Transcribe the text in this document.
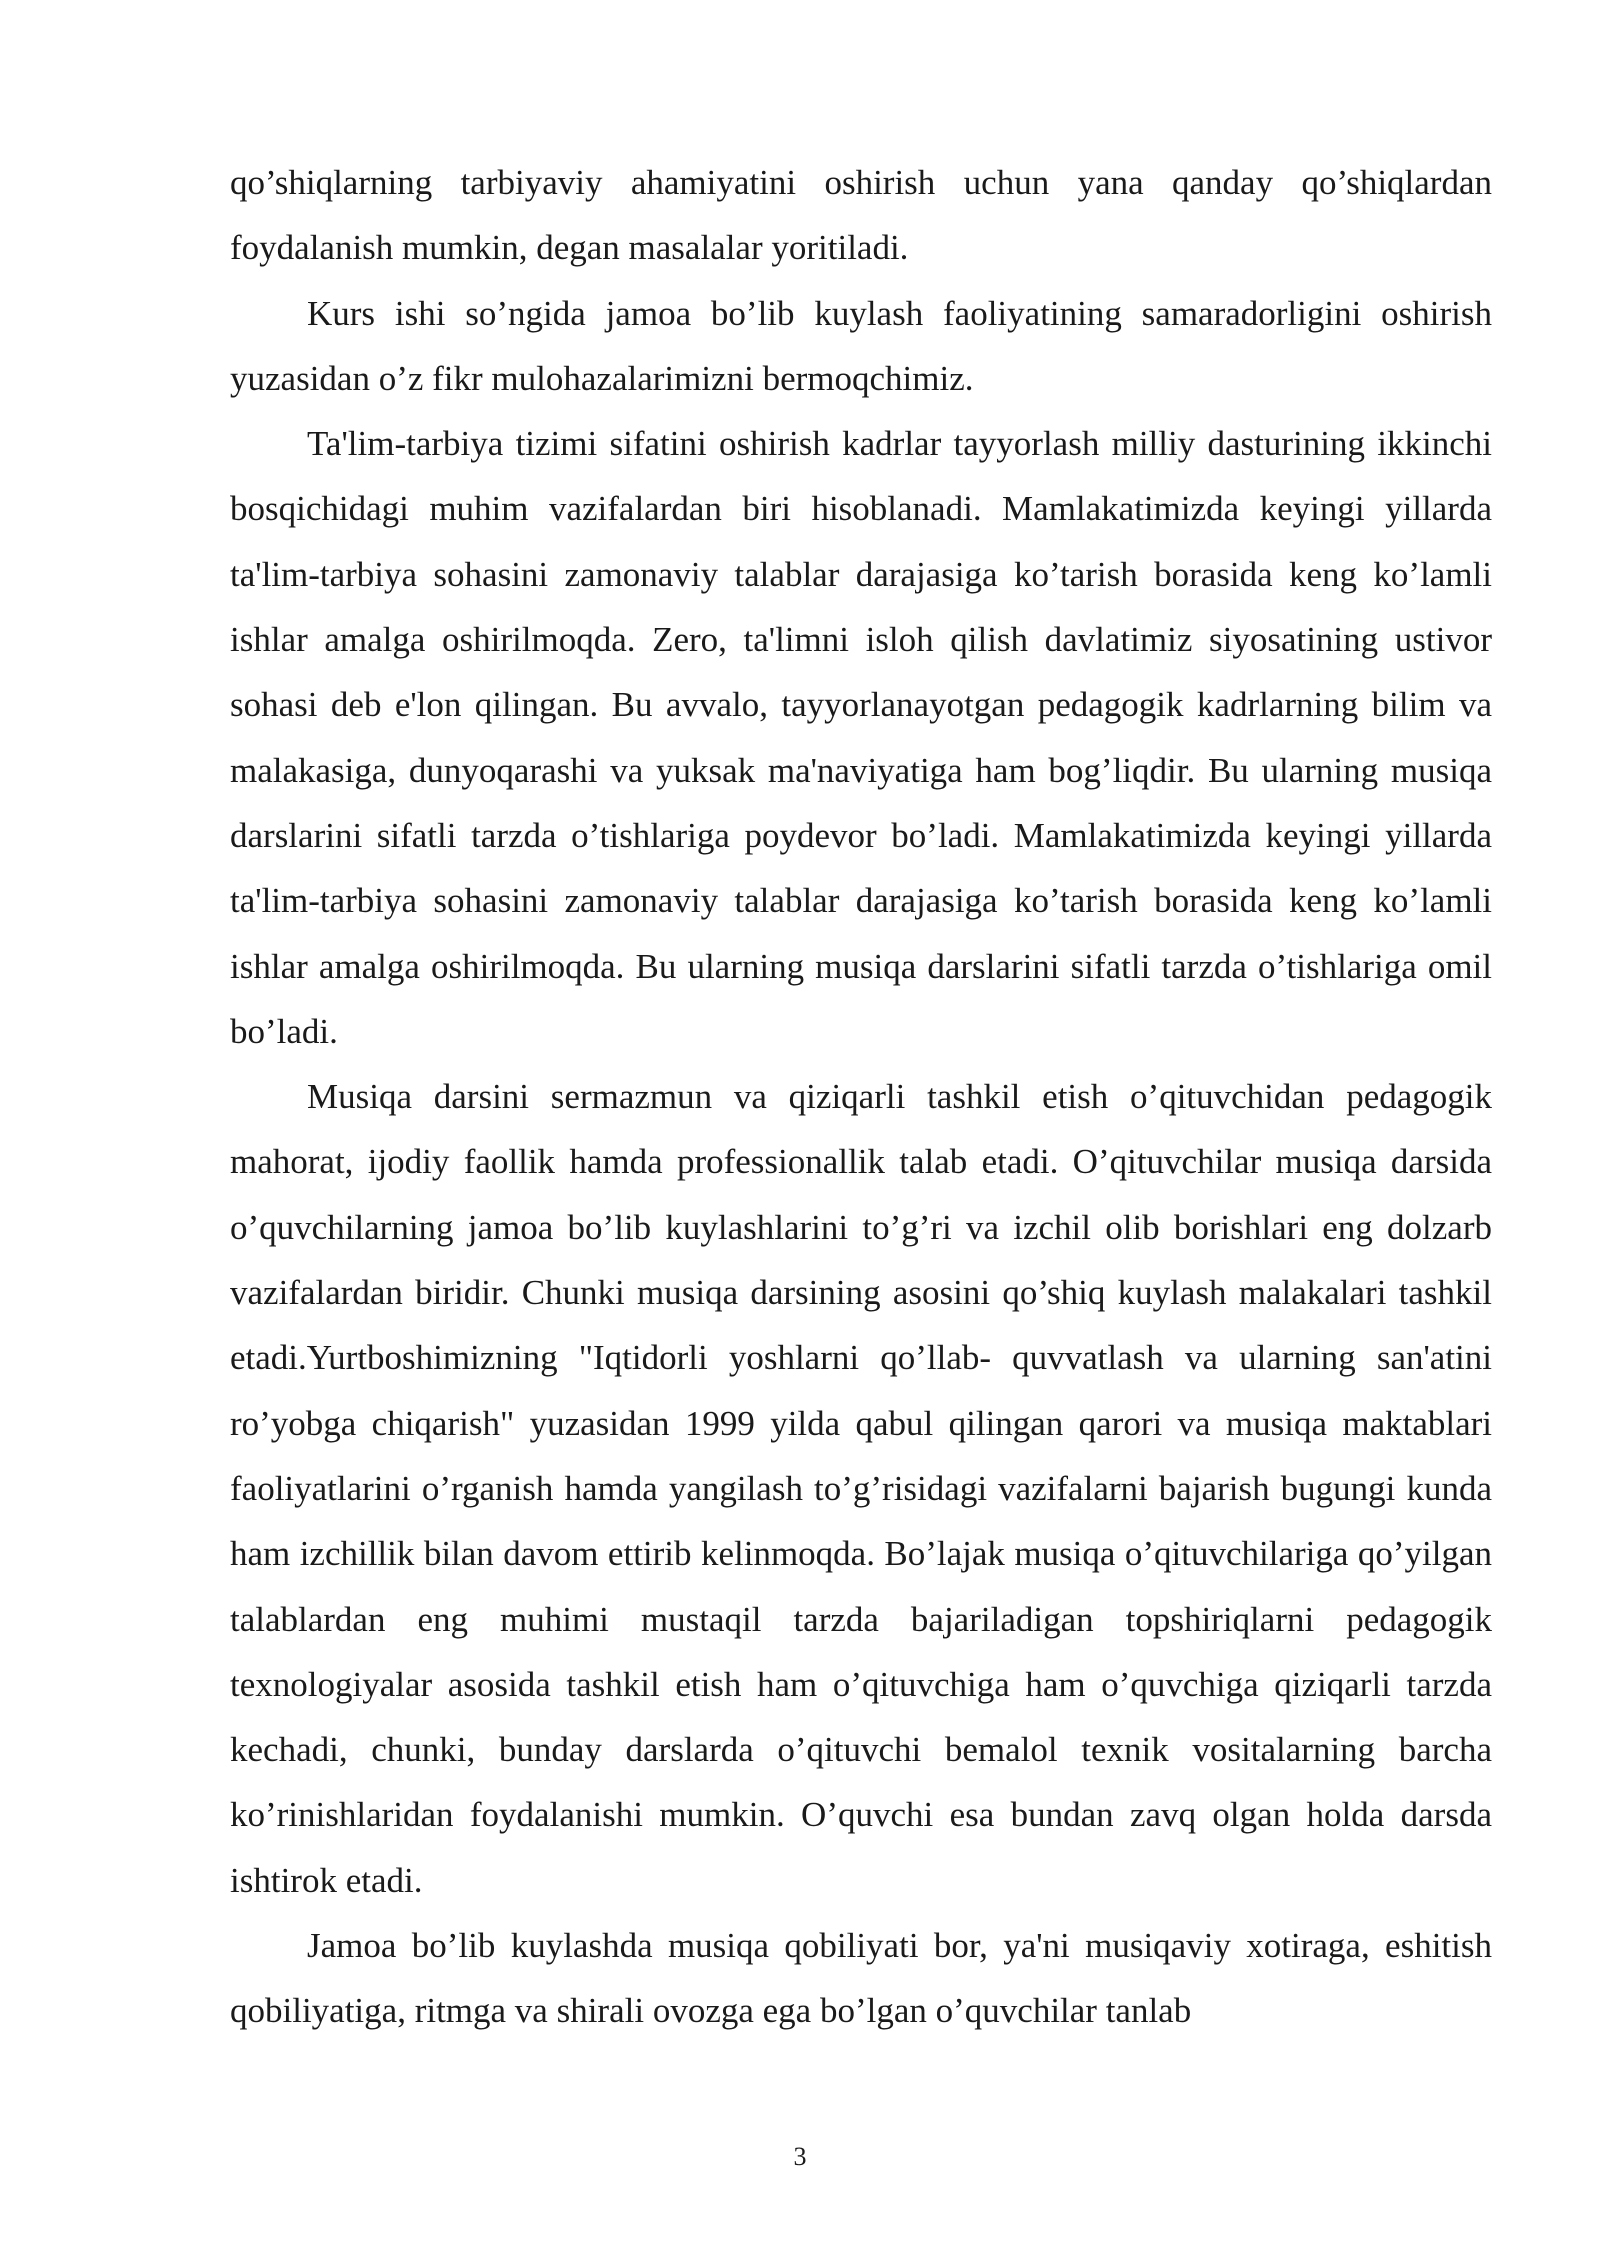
qo’shiqlarning tarbiyaviy ahamiyatini oshirish uchun yana qanday qo’shiqlardan foydalanish mumkin, degan masalalar yoritiladi.

Kurs ishi so’ngida jamoa bo’lib kuylash faoliyatining samaradorligini oshirish yuzasidan o’z fikr mulohazalarimizni bermoqchimiz.

Ta'lim-tarbiya tizimi sifatini oshirish kadrlar tayyorlash milliy dasturining ikkinchi bosqichidagi muhim vazifalardan biri hisoblanadi. Mamlakatimizda keyingi yillarda ta'lim-tarbiya sohasini zamonaviy talablar darajasiga ko’tarish borasida keng ko’lamli ishlar amalga oshirilmoqda. Zero, ta'limni isloh qilish davlatimiz siyosatining ustivor sohasi deb e'lon qilingan. Bu avvalo, tayyorlanayotgan pedagogik kadrlarning bilim va malakasiga, dunyoqarashi va yuksak ma'naviyatiga ham bog’liqdir. Bu ularning musiqa darslarini sifatli tarzda o’tishlariga poydevor bo’ladi. Mamlakatimizda keyingi yillarda ta'lim-tarbiya sohasini zamonaviy talablar darajasiga ko’tarish borasida keng ko’lamli ishlar amalga oshirilmoqda. Bu ularning musiqa darslarini sifatli tarzda o’tishlariga omil bo’ladi.

Musiqa darsini sermazmun va qiziqarli tashkil etish o’qituvchidan pedagogik mahorat, ijodiy faollik hamda professionallik talab etadi. O’qituvchilar musiqa darsida o’quvchilarning jamoa bo’lib kuylashlarini to’g’ri va izchil olib borishlari eng dolzarb vazifalardan biridir. Chunki musiqa darsining asosini qo’shiq kuylash malakalari tashkil etadi.Yurtboshimizning "Iqtidorli yoshlarni qo’llab- quvvatlash va ularning san'atini ro’yobga chiqarish" yuzasidan 1999 yilda qabul qilingan qarori va musiqa maktablari faoliyatlarini o’rganish hamda yangilash to’g’risidagi vazifalarni bajarish bugungi kunda ham izchillik bilan davom ettirib kelinmoqda. Bo’lajak musiqa o’qituvchilariga qo’yilgan talablardan eng muhimi mustaqil tarzda bajariladigan topshiriqlarni pedagogik texnologiyalar asosida tashkil etish ham o’qituvchiga ham o’quvchiga qiziqarli tarzda kechadi, chunki, bunday darslarda o’qituvchi bemalol texnik vositalarning barcha ko’rinishlaridan foydalanishi mumkin. O’quvchi esa bundan zavq olgan holda darsda ishtirok etadi.

Jamoa bo’lib kuylashda musiqa qobiliyati bor, ya'ni musiqaviy xotiraga, eshitish qobiliyatiga, ritmga va shirali ovozga ega bo’lgan o’quvchilar tanlab

3
